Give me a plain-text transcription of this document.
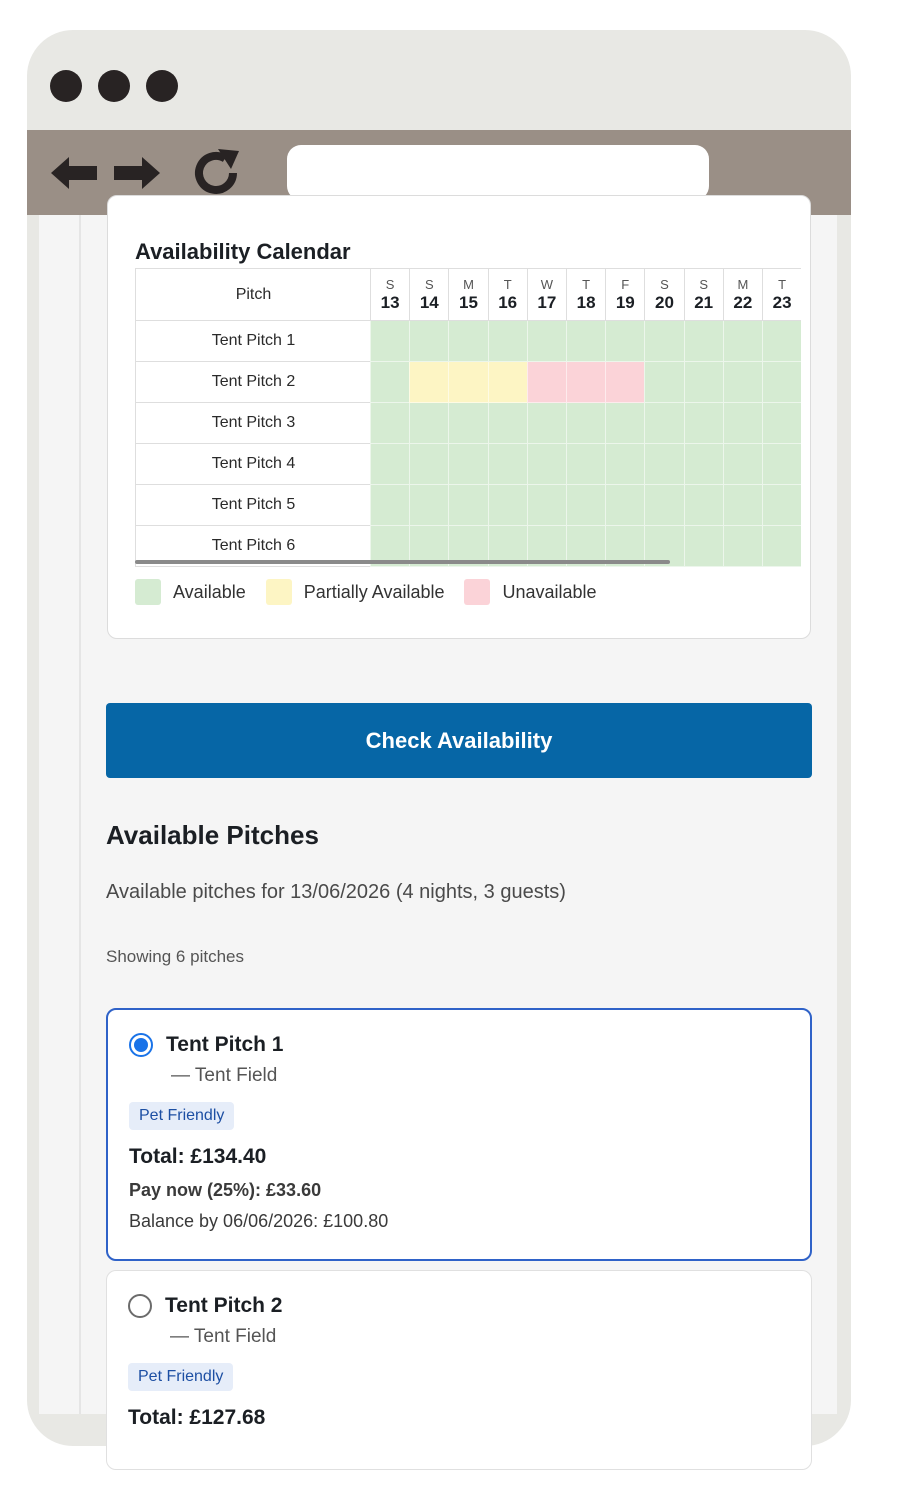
Availability Calendar
Pitch
Tent Pitch 1
Tent Pitch 2
Tent Pitch 3
Tent Pitch 4
Tent Pitch 5
Tent Pitch 6
S
13
S
14
M
15
T
16
W
17
T
18
F
19
S
20
S
21
M
22
T
23
Available	Partially Available	Unavailable
Check Availability
Available Pitches
Available pitches for 13/06/2026 (4 nights, 3 guests)
Showing 6 pitches
Tent Pitch 1
— Tent Field
Pet Friendly
Total: £134.40
Pay now (25%): £33.60
Balance by 06/06/2026: £100.80
Tent Pitch 2
— Tent Field
Pet Friendly
Total: £127.68
